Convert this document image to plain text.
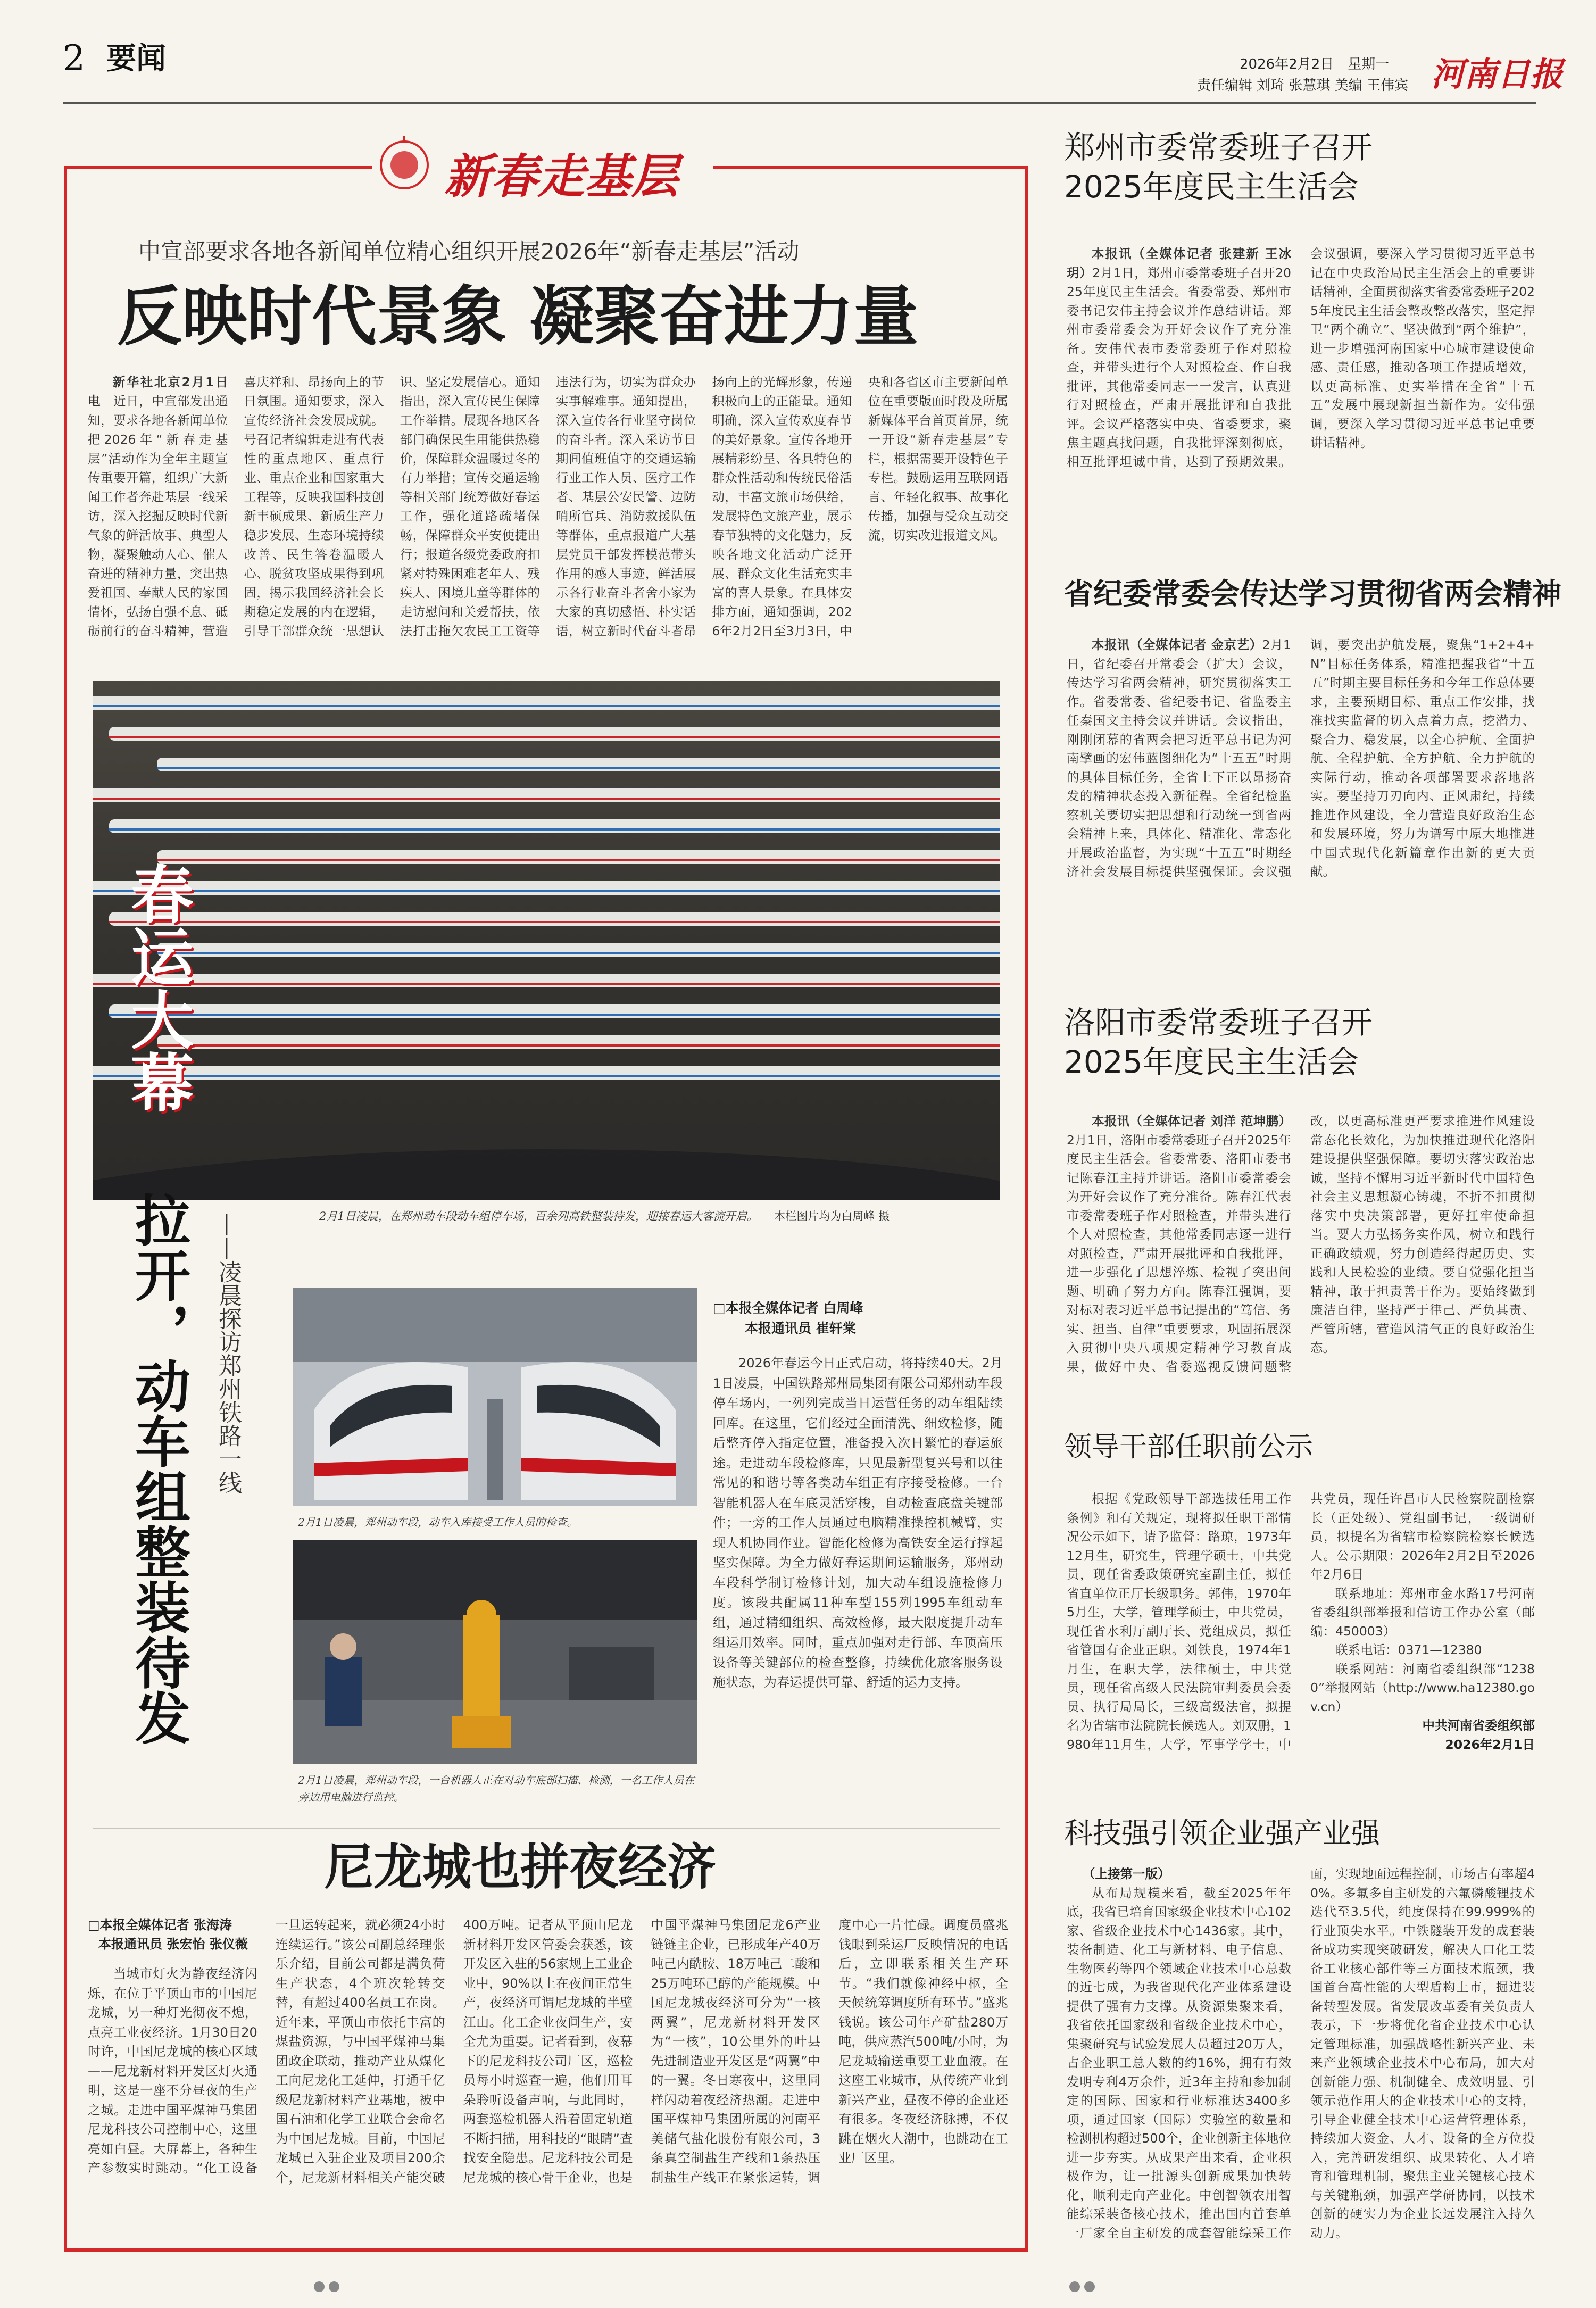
2 要闻	2026年2月2日　星期一
责任编辑 刘琦 张慧琪 美编 王伟宾 河南日报
新春走基层
中宣部要求各地各新闻单位精心组织开展2026年“新春走基层”活动
反映时代景象 凝聚奋进力量

新华社北京2月1日电　 近日，中宣部发出通知，要求各地各新闻单位把2026年“新春走基层”活动作为全年主题宣传重要开篇，组织广大新闻工作者奔赴基层一线采访，深入挖掘反映时代新气象的鲜活故事、典型人物，凝聚触动人心、催人奋进的精神力量，突出热爱祖国、奉献人民的家国情怀，弘扬自强不息、砥砺前行的奋斗精神，营造喜庆祥和、昂扬向上的节日氛围。通知要求，深入宣传经济社会发展成就。号召记者编辑走进有代表性的重点地区、重点行业、重点企业和国家重大工程等，反映我国科技创新丰硕成果、新质生产力稳步发展、生态环境持续改善、民生答卷温暖人心、脱贫攻坚成果得到巩固，揭示我国经济社会长期稳定发展的内在逻辑，引导干部群众统一思想认识、坚定发展信心。通知指出，深入宣传民生保障工作举措。展现各地区各部门确保民生用能供热稳价，保障群众温暖过冬的有力举措；宣传交通运输等相关部门统筹做好春运工作，强化道路疏堵保畅，保障群众平安便捷出行；报道各级党委政府扣紧对特殊困难老年人、残疾人、困境儿童等群体的走访慰问和关爱帮扶，依法打击拖欠农民工工资等违法行为，切实为群众办实事解难事。通知提出，深入宣传各行业坚守岗位的奋斗者。深入采访节日期间值班值守的交通运输行业工作人员、医疗工作者、基层公安民警、边防哨所官兵、消防救援队伍等群体，重点报道广大基层党员干部发挥模范带头作用的感人事迹，鲜活展示各行业奋斗者舍小家为大家的真切感悟、朴实话语，树立新时代奋斗者昂扬向上的光辉形象，传递积极向上的正能量。通知明确，深入宣传欢度春节的美好景象。宣传各地开展精彩纷呈、各具特色的群众性活动和传统民俗活动，丰富文旅市场供给，发展特色文旅产业，展示春节独特的文化魅力，反映各地文化活动广泛开展、群众文化生活充实丰富的喜人景象。在具体安排方面，通知强调，2026年2月2日至3月3日，中央和各省区市主要新闻单位在重要版面时段及所属新媒体平台首页首屏，统一开设“新春走基层”专栏，根据需要开设特色子专栏。鼓励运用互联网语言、年轻化叙事、故事化传播，加强与受众互动交流，切实改进报道文风。

春运大幕
2月1日凌晨，在郑州动车段动车组停车场，百余列高铁整装待发，迎接春运大客流开启。 本栏图片均为白周峰 摄
拉开，动车组整装待发 ——凌晨探访郑州铁路一线
2月1日凌晨，郑州动车段，动车入库接受工作人员的检查。
2月1日凌晨，郑州动车段，一台机器人正在对动车底部扫描、检测，一名工作人员在旁边用电脑进行监控。
□本报全媒体记者 白周峰
本报通讯员 崔轩棠

2026年春运今日正式启动，将持续40天。2月1日凌晨，中国铁路郑州局集团有限公司郑州动车段停车场内，一列列完成当日运营任务的动车组陆续回库。在这里，它们经过全面清洗、细致检修，随后整齐停入指定位置，准备投入次日繁忙的春运旅途。走进动车段检修库，只见最新型复兴号和以往常见的和谐号等各类动车组正有序接受检修。一台智能机器人在车底灵活穿梭，自动检查底盘关键部件；一旁的工作人员通过电脑精准操控机械臂，实现人机协同作业。智能化检修为高铁安全运行撑起坚实保障。为全力做好春运期间运输服务，郑州动车段科学制订检修计划，加大动车组设施检修力度。该段共配属11种车型155列1995车组动车组，通过精细组织、高效检修，最大限度提升动车组运用效率。同时，重点加强对走行部、车顶高压设备等关键部位的检查整修，持续优化旅客服务设施状态，为春运提供可靠、舒适的运力支持。

尼龙城也拼夜经济
□本报全媒体记者 张海涛
本报通讯员 张宏怡 张仪薇

当城市灯火为静夜经济闪烁，在位于平顶山市的中国尼龙城，另一种灯光彻夜不熄，点亮工业夜经济。1月30日20时许，中国尼龙城的核心区域——尼龙新材料开发区灯火通明，这是一座不分昼夜的生产之城。走进中国平煤神马集团尼龙科技公司控制中心，这里亮如白昼。大屏幕上，各种生产参数实时跳动。“化工设备一旦运转起来，就必须24小时连续运行。”该公司副总经理张乐介绍，目前公司都是满负荷生产状态，4个班次轮转交替，有超过400名员工在岗。近年来，平顶山市依托丰富的煤盐资源，与中国平煤神马集团政企联动，推动产业从煤化工向尼龙化工延伸，打通千亿级尼龙新材料产业基地，被中国石油和化学工业联合会命名为中国尼龙城。目前，中国尼龙城已入驻企业及项目200余个，尼龙新材料相关产能突破400万吨。记者从平顶山尼龙新材料开发区管委会获悉，该开发区入驻的56家规上工业企业中，90%以上在夜间正常生产，夜经济可谓尼龙城的半壁江山。化工企业夜间生产，安全尤为重要。记者看到，夜幕下的尼龙科技公司厂区，巡检员每小时巡查一遍，他们用耳朵聆听设备声响，与此同时，两套巡检机器人沿着固定轨道不断扫描，用科技的“眼睛”查找安全隐患。尼龙科技公司是尼龙城的核心骨干企业，也是中国平煤神马集团尼龙6产业链链主企业，已形成年产40万吨己内酰胺、18万吨己二酸和25万吨环己醇的产能规模。中国尼龙城夜经济可分为“一核两翼”，尼龙新材料开发区为“一核”，10公里外的叶县先进制造业开发区是“两翼”中的一翼。冬日寒夜中，这里同样闪动着夜经济热潮。走进中国平煤神马集团所属的河南平美储气盐化股份有限公司，3条真空制盐生产线和1条热压制盐生产线正在紧张运转，调度中心一片忙碌。调度员盛兆钱眼到采运厂反映情况的电话后，立即联系相关生产环节。“我们就像神经中枢，全天候统筹调度所有环节。”盛兆钱说。该公司年产矿盐280万吨，供应蒸汽500吨/小时，为尼龙城输送重要工业血液。在这座工业城市，从传统产业到新兴产业，昼夜不停的企业还有很多。冬夜经济脉搏，不仅跳在烟火人潮中，也跳动在工业厂区里。

郑州市委常委班子召开
2025年度民主生活会

本报讯（全媒体记者 张建新 王冰玥）2月1日，郑州市委常委班子召开2025年度民主生活会。省委常委、郑州市委书记安伟主持会议并作总结讲话。郑州市委常委会为开好会议作了充分准备。安伟代表市委常委班子作对照检查，并带头进行个人对照检查、作自我批评，其他常委同志一一发言，认真进行对照检查，严肃开展批评和自我批评。会议严格落实中央、省委要求，聚焦主题真找问题，自我批评深刻彻底，相互批评坦诚中肯，达到了预期效果。会议强调，要深入学习贯彻习近平总书记在中央政治局民主生活会上的重要讲话精神，全面贯彻落实省委常委班子2025年度民主生活会整改整改落实，坚定捍卫“两个确立”、坚决做到“两个维护”，进一步增强河南国家中心城市建设使命感、责任感，推动各项工作提质增效，以更高标准、更实举措在全省“十五五”发展中展现新担当新作为。安伟强调，要深入学习贯彻习近平总书记重要讲话精神。

省纪委常委会传达学习贯彻省两会精神

本报讯（全媒体记者 金京艺）2月1日，省纪委召开常委会（扩大）会议，传达学习省两会精神，研究贯彻落实工作。省委常委、省纪委书记、省监委主任秦国文主持会议并讲话。会议指出，刚刚闭幕的省两会把习近平总书记为河南擘画的宏伟蓝图细化为“十五五”时期的具体目标任务，全省上下正以昂扬奋发的精神状态投入新征程。全省纪检监察机关要切实把思想和行动统一到省两会精神上来，具体化、精准化、常态化开展政治监督，为实现“十五五”时期经济社会发展目标提供坚强保证。会议强调，要突出护航发展，聚焦“1+2+4+N”目标任务体系，精准把握我省“十五五”时期主要目标任务和今年工作总体要求，主要预期目标、重点工作安排，找准找实监督的切入点着力点，挖潜力、聚合力、稳发展，以全心护航、全面护航、全程护航、全方护航、全力护航的实际行动，推动各项部署要求落地落实。要坚持刀刃向内、正风肃纪，持续推进作风建设，全力营造良好政治生态和发展环境，努力为谱写中原大地推进中国式现代化新篇章作出新的更大贡献。

洛阳市委常委班子召开
2025年度民主生活会

本报讯（全媒体记者 刘洋 范坤鹏）2月1日，洛阳市委常委班子召开2025年度民主生活会。省委常委、洛阳市委书记陈春江主持并讲话。洛阳市委常委会为开好会议作了充分准备。陈春江代表市委常委班子作对照检查，并带头进行个人对照检查，其他常委同志逐一进行对照检查，严肃开展批评和自我批评，进一步强化了思想淬炼、检视了突出问题、明确了努力方向。陈春江强调，要对标对表习近平总书记提出的“笃信、务实、担当、自律”重要要求，巩固拓展深入贯彻中央八项规定精神学习教育成果，做好中央、省委巡视反馈问题整改，以更高标准更严要求推进作风建设常态化长效化，为加快推进现代化洛阳建设提供坚强保障。要切实落实政治忠诚，坚持不懈用习近平新时代中国特色社会主义思想凝心铸魂，不折不扣贯彻落实中央决策部署，更好扛牢使命担当。要大力弘扬务实作风，树立和践行正确政绩观，努力创造经得起历史、实践和人民检验的业绩。要自觉强化担当精神，敢于担责善于作为。要始终做到廉洁自律，坚持严于律己、严负其责、严管所辖，营造风清气正的良好政治生态。

领导干部任职前公示

根据《党政领导干部选拔任用工作条例》和有关规定，现将拟任职干部情况公示如下，请予监督：路琼，1973年12月生，研究生，管理学硕士，中共党员，现任省委政策研究室副主任，拟任省直单位正厅长级职务。郭伟，1970年5月生，大学，管理学硕士，中共党员，现任省水利厅副厅长、党组成员，拟任省管国有企业正职。刘铁良，1974年1月生，在职大学，法律硕士，中共党员，现任省高级人民法院审判委员会委员、执行局局长，三级高级法官，拟提名为省辖市法院院长候选人。刘双鹏，1980年11月生，大学，军事学学士，中共党员，现任许昌市人民检察院副检察长（正处级）、党组副书记，一级调研员，拟提名为省辖市检察院检察长候选人。公示期限：2026年2月2日至2026年2月6日

联系地址：郑州市金水路17号河南省委组织部举报和信访工作办公室（邮编：450003）

联系电话：0371—12380

联系网站：河南省委组织部“12380”举报网站（http://www.ha12380.gov.cn）

中共河南省委组织部

2026年2月1日

科技强引领企业强产业强
（上接第一版）

从布局规模来看，截至2025年年底，我省已培育国家级企业技术中心102家、省级企业技术中心1436家。其中，装备制造、化工与新材料、电子信息、生物医药等四个领域企业技术中心总数的近七成，为我省现代化产业体系建设提供了强有力支撑。从资源集聚来看，我省依托国家级和省级企业技术中心，集聚研究与试验发展人员超过20万人，占企业职工总人数的约16%，拥有有效发明专利4万余件，近3年主持和参加制定的国际、国家和行业标准达3400多项，通过国家（国际）实验室的数量和检测机构超过500个，企业创新主体地位进一步夯实。从成果产出来看，企业积极作为，让一批源头创新成果加快转化，顺利走向产业化。中创智领农用智能综采装备核心技术，推出国内首套单一厂家全自主研发的成套智能综采工作面，实现地面远程控制，市场占有率超40%。多氟多自主研发的六氟磷酸锂技术迭代至3.5代，纯度保持在99.999%的行业顶尖水平。中铁隧装开发的成套装备成功实现突破研发，解决人口化工装备工业核心部件等三方面技术瓶颈，我国首台高性能的大型盾构上市，掘进装备转型发展。省发展改革委有关负责人表示，下一步将优化省企业技术中心认定管理标准，加强战略性新兴产业、未来产业领域企业技术中心布局，加大对创新能力强、机制健全、成效明显、引领示范作用大的企业技术中心的支持，引导企业健全技术中心运营管理体系，持续加大资金、人才、设备的全方位投入，完善研发组织、成果转化、人才培育和管理机制，聚焦主业关键核心技术与关键瓶颈，加强产学研协同，以技术创新的硬实力为企业长远发展注入持久动力。
